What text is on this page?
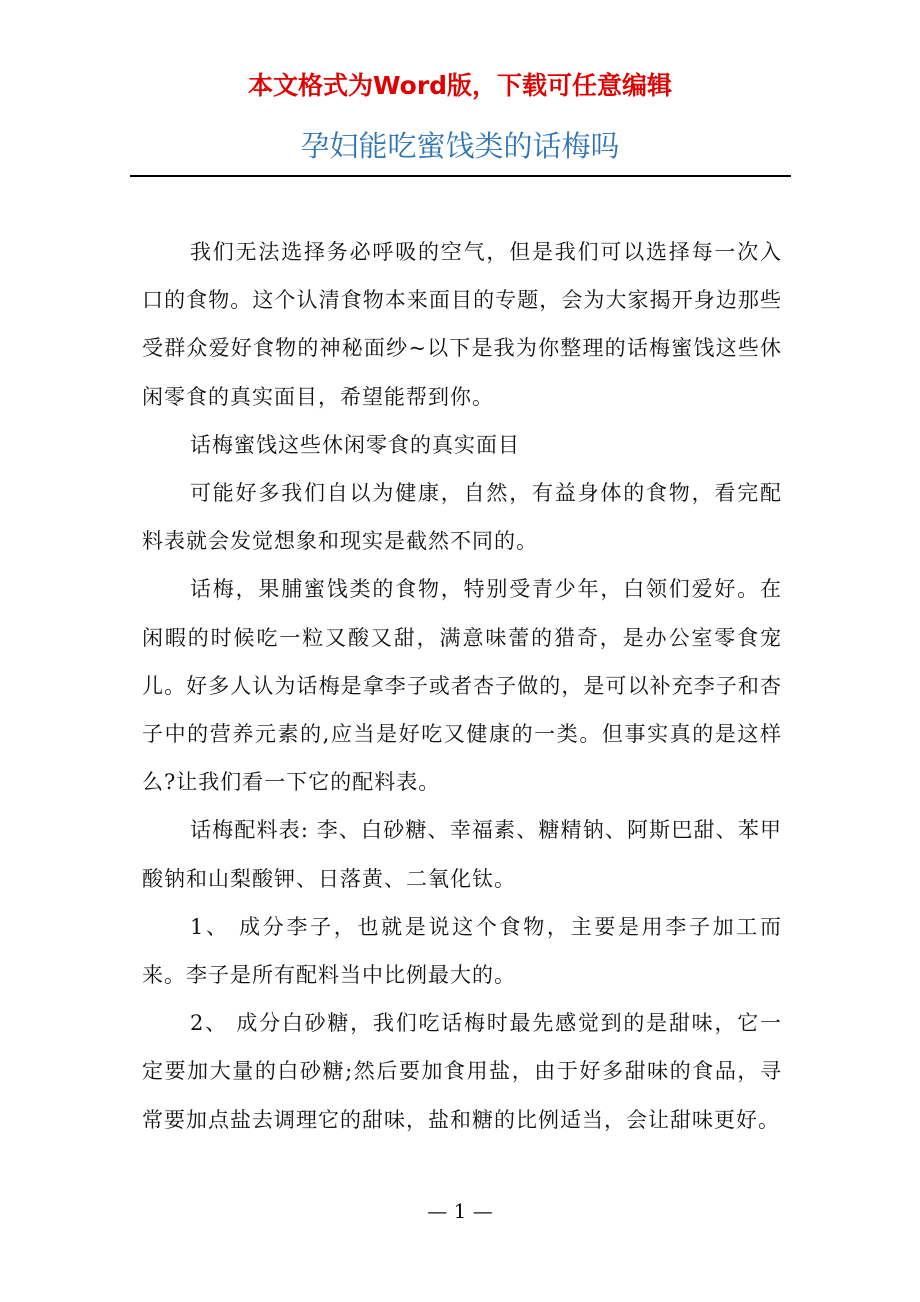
本文格式为Word版，下载可任意编辑
孕妇能吃蜜饯类的话梅吗

我们无法选择务必呼吸的空气，但是我们可以选择每一次入口的食物。这个认清食物本来面目的专题，会为大家揭开身边那些受群众爱好食物的神秘面纱~以下是我为你整理的话梅蜜饯这些休闲零食的真实面目，希望能帮到你。

话梅蜜饯这些休闲零食的真实面目

可能好多我们自以为健康，自然，有益身体的食物，看完配料表就会发觉想象和现实是截然不同的。

话梅，果脯蜜饯类的食物，特别受青少年，白领们爱好。在闲暇的时候吃一粒又酸又甜，满意味蕾的猎奇，是办公室零食宠儿。好多人认为话梅是拿李子或者杏子做的，是可以补充李子和杏子中的营养元素的,应当是好吃又健康的一类。但事实真的是这样么?让我们看一下它的配料表。

话梅配料表: 李、白砂糖、幸福素、糖精钠、阿斯巴甜、苯甲酸钠和山梨酸钾、日落黄、二氧化钛。

1、 成分李子，也就是说这个食物，主要是用李子加工而来。李子是所有配料当中比例最大的。

2、 成分白砂糖，我们吃话梅时最先感觉到的是甜味，它一定要加大量的白砂糖;然后要加食用盐，由于好多甜味的食品，寻常要加点盐去调理它的甜味，盐和糖的比例适当，会让甜味更好。

— 1 —
